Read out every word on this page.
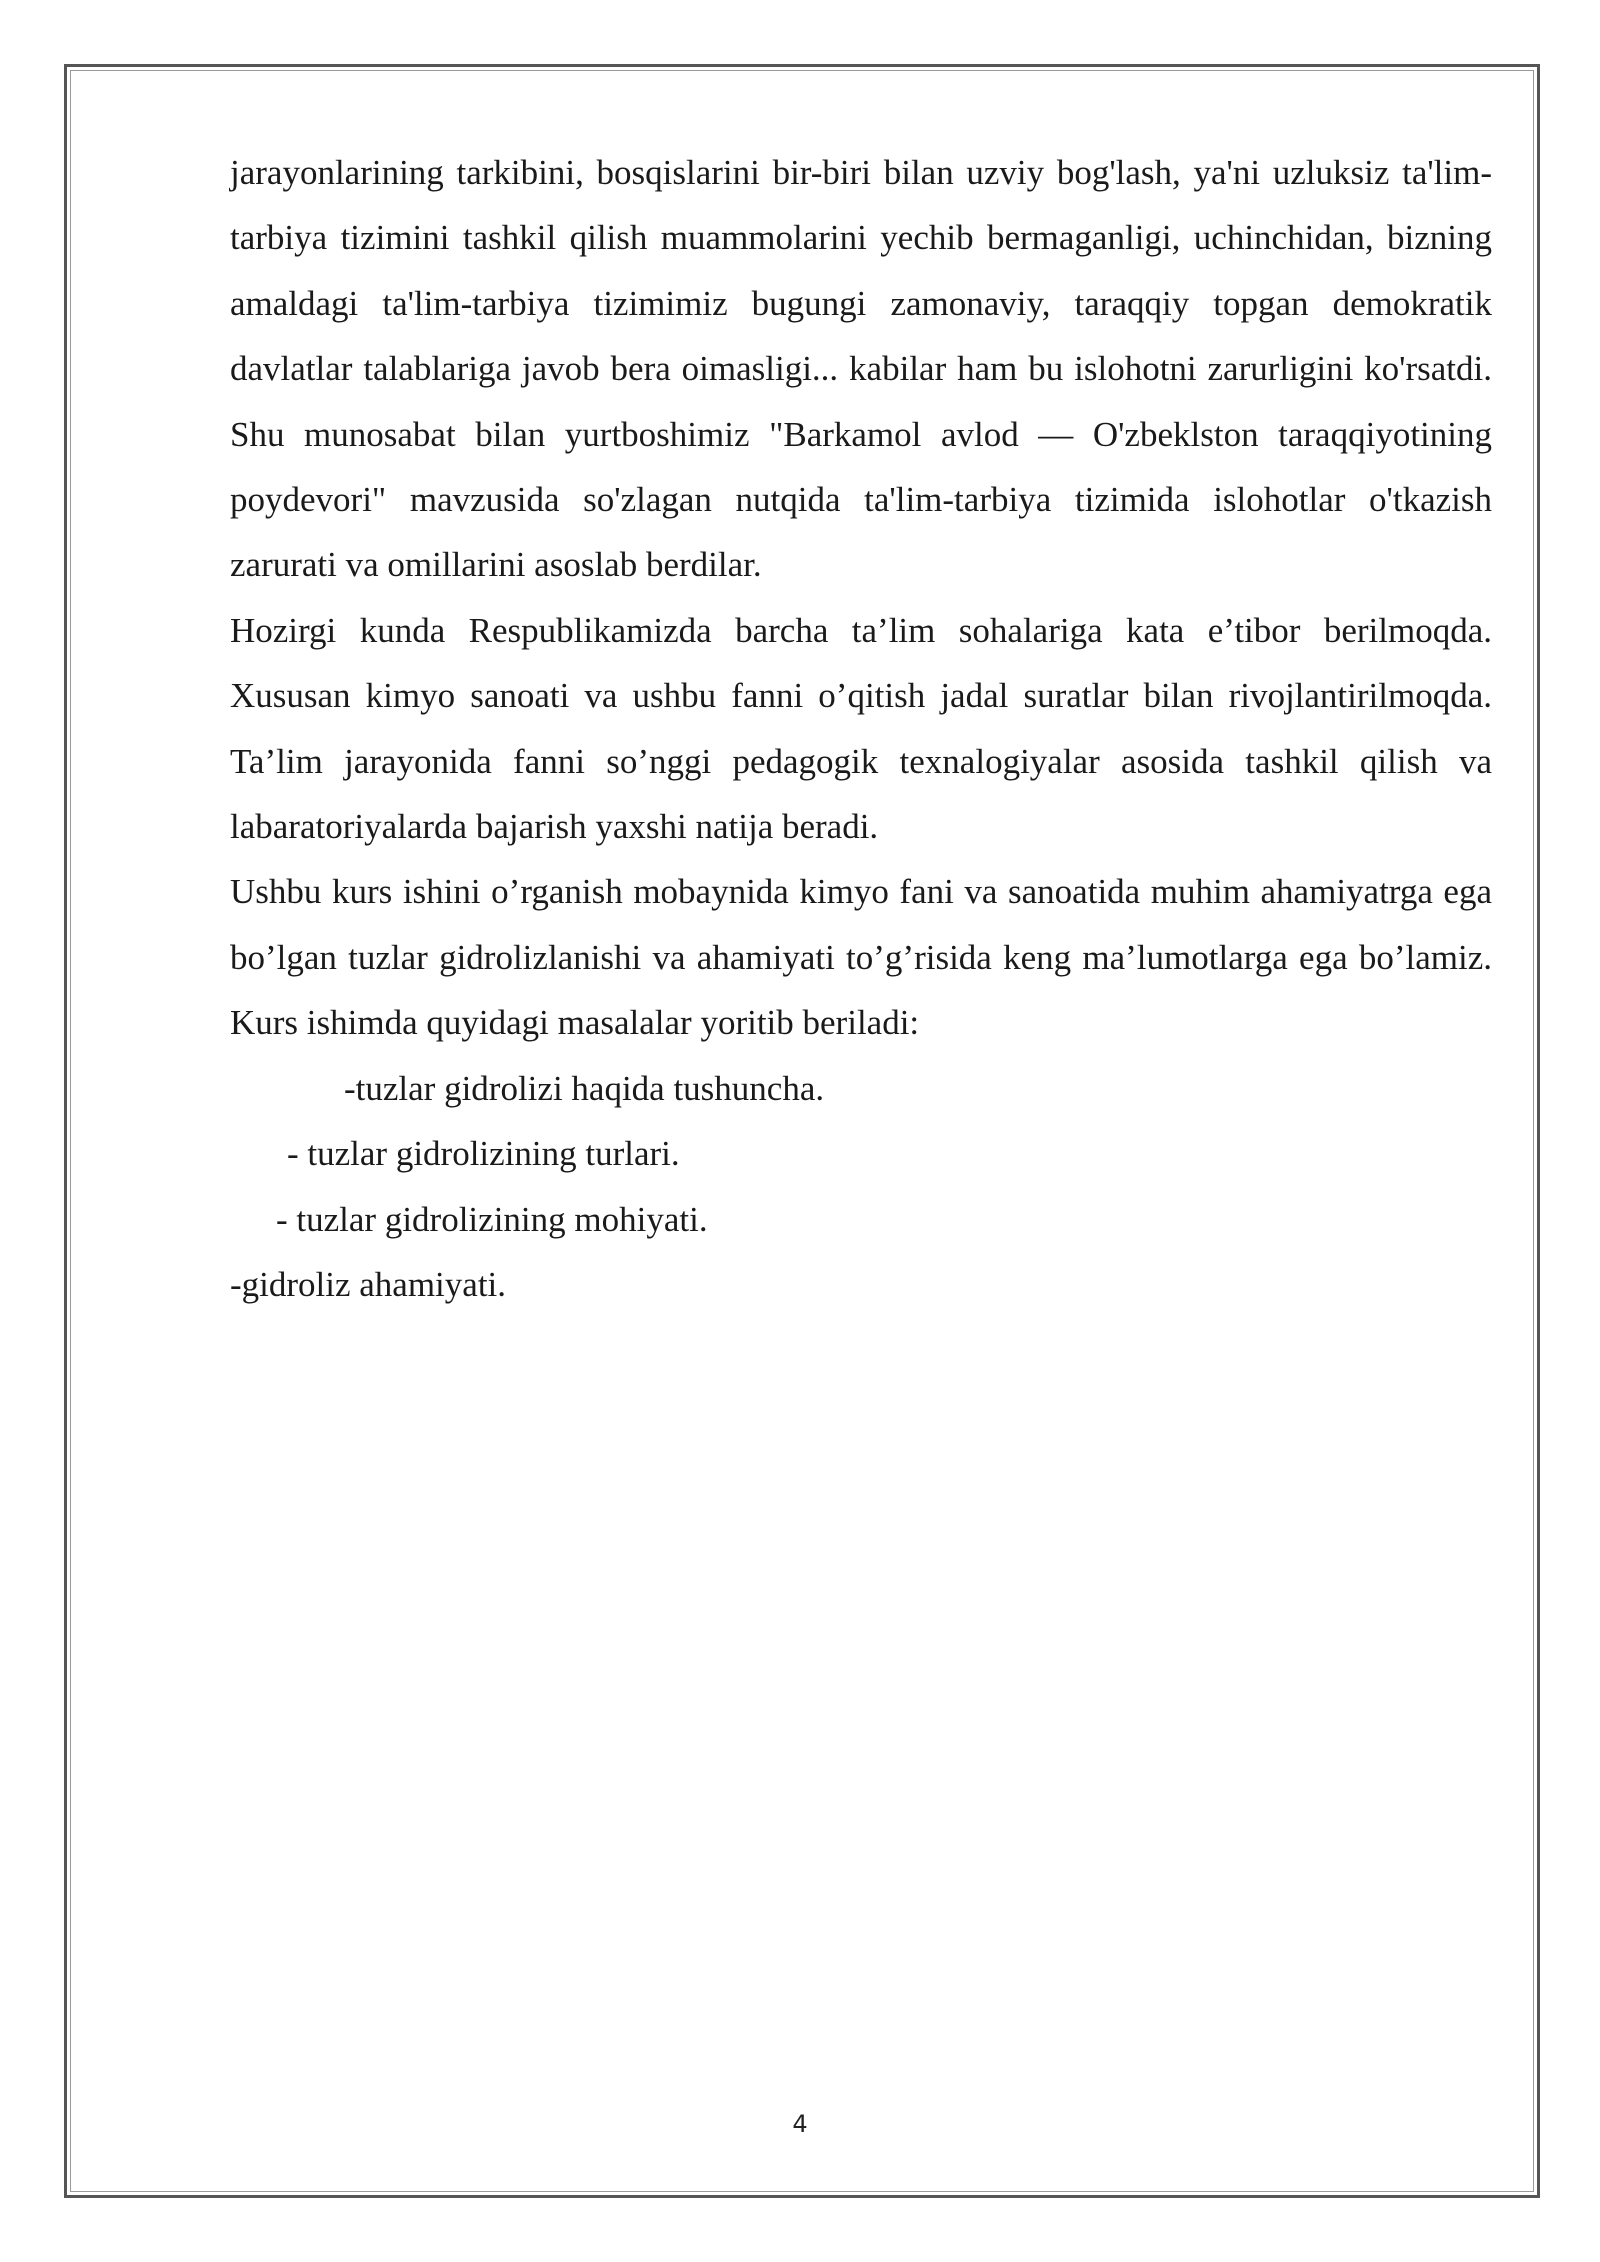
jarayonlarining tarkibini, bosqislarini bir-biri bilan uzviy bog'lash, ya'ni uzluksiz ta'lim-tarbiya tizimini tashkil qilish muammolarini yechib bermaganligi, uchinchidan, bizning amaldagi ta'lim-tarbiya tizimimiz bugungi zamonaviy, taraqqiy topgan demokratik davlatlar talablariga javob bera oimasligi... kabilar ham bu islohotni zarurligini ko'rsatdi. Shu munosabat bilan yurtboshimiz "Barkamol avlod — O'zbeklston taraqqiyotining poydevori" mavzusida so'zlagan nutqida ta'lim-tarbiya tizimida islohotlar o'tkazish zarurati va omillarini asoslab berdilar.

Hozirgi kunda Respublikamizda barcha ta’lim sohalariga kata e’tibor berilmoqda. Xususan kimyo sanoati va ushbu fanni o’qitish jadal suratlar bilan rivojlantirilmoqda. Ta’lim jarayonida fanni so’nggi pedagogik texnalogiyalar asosida tashkil qilish va labaratoriyalarda bajarish yaxshi natija beradi.

Ushbu kurs ishini o’rganish mobaynida kimyo fani va sanoatida muhim ahamiyatrga ega bo’lgan tuzlar gidrolizlanishi va ahamiyati to’g’risida keng ma’lumotlarga ega bo’lamiz. Kurs ishimda quyidagi masalalar yoritib beriladi:

-tuzlar gidrolizi haqida tushuncha.

- tuzlar gidrolizining turlari.

- tuzlar gidrolizining mohiyati.

-gidroliz ahamiyati.

4
